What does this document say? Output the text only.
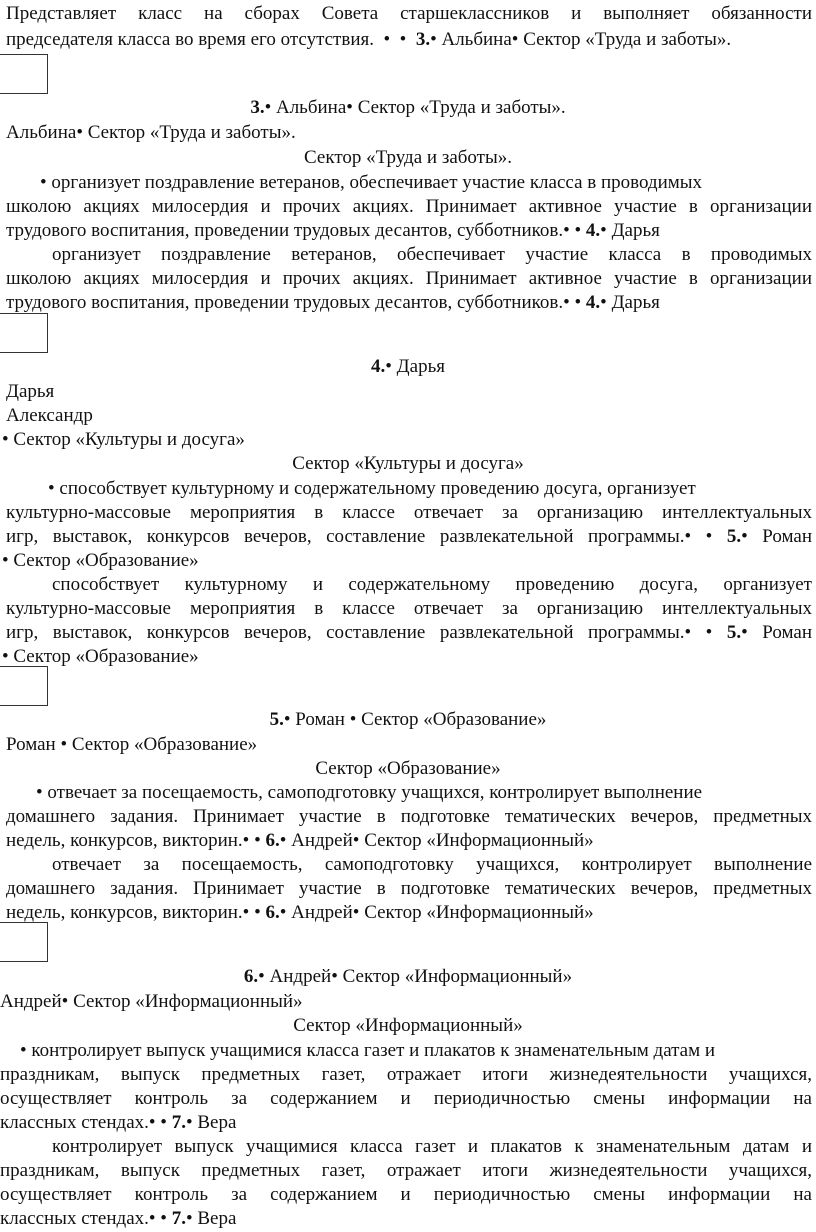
Представляет класс на сборах Совета старшеклассников и выполняет обязанности
председателя класса во время его отсутствия. • • 3.• Альбина• Сектор «Труда и заботы».
3.• Альбина• Сектор «Труда и заботы».
Альбина• Сектор «Труда и заботы».
Сектор «Труда и заботы».
• организует поздравление ветеранов, обеспечивает участие класса в проводимых
школою акциях милосердия и прочих акциях. Принимает активное участие в организации
трудового воспитания, проведении трудовых десантов, субботников.• • 4.• Дарья
организует поздравление ветеранов, обеспечивает участие класса в проводимых
школою акциях милосердия и прочих акциях. Принимает активное участие в организации
трудового воспитания, проведении трудовых десантов, субботников.• • 4.• Дарья
4.• Дарья
Дарья
Александр
• Сектор «Культуры и досуга»
Сектор «Культуры и досуга»
• способствует культурному и содержательному проведению досуга, организует
культурно-массовые мероприятия в классе отвечает за организацию интеллектуальных
игр, выставок, конкурсов вечеров, составление развлекательной программы.• • 5.• Роман
• Сектор «Образование»
способствует культурному и содержательному проведению досуга, организует
культурно-массовые мероприятия в классе отвечает за организацию интеллектуальных
игр, выставок, конкурсов вечеров, составление развлекательной программы.• • 5.• Роман
• Сектор «Образование»
5.• Роман • Сектор «Образование»
Роман • Сектор «Образование»
Сектор «Образование»
• отвечает за посещаемость, самоподготовку учащихся, контролирует выполнение
домашнего задания. Принимает участие в подготовке тематических вечеров, предметных
недель, конкурсов, викторин.• • 6.• Андрей• Сектор «Информационный»
отвечает за посещаемость, самоподготовку учащихся, контролирует выполнение
домашнего задания. Принимает участие в подготовке тематических вечеров, предметных
недель, конкурсов, викторин.• • 6.• Андрей• Сектор «Информационный»
6.• Андрей• Сектор «Информационный»
Андрей• Сектор «Информационный»
Сектор «Информационный»
• контролирует выпуск учащимися класса газет и плакатов к знаменательным датам и
праздникам, выпуск предметных газет, отражает итоги жизнедеятельности учащихся,
осуществляет контроль за содержанием и периодичностью смены информации на
классных стендах.• • 7.• Вера
контролирует выпуск учащимися класса газет и плакатов к знаменательным датам и
праздникам, выпуск предметных газет, отражает итоги жизнедеятельности учащихся,
осуществляет контроль за содержанием и периодичностью смены информации на
классных стендах.• • 7.• Вера
